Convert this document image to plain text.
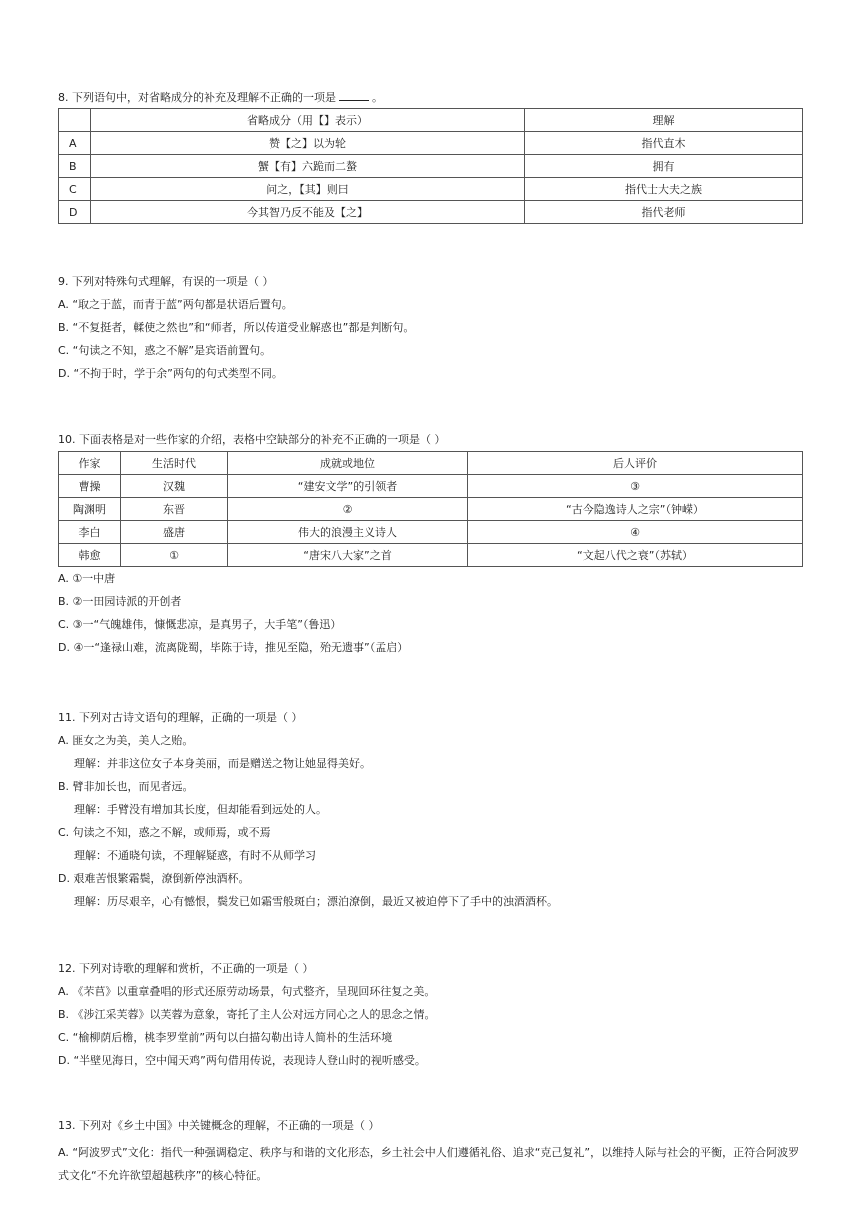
8. 下列语句中，对省略成分的补充及理解不正确的一项是	。

	省略成分（用【】表示）	理解
A	赞【之】以为轮	指代直木
B	蟹【有】六跪而二螯	拥有
C	问之，【其】则曰	指代士大夫之族
D	今其智乃反不能及【之】	指代老师

9. 下列对特殊句式理解，有误的一项是（ ）

A. “取之于蓝，而青于蓝”两句都是状语后置句。

B. “不复挺者，輮使之然也”和“师者，所以传道受业解惑也”都是判断句。

C. “句读之不知，惑之不解”是宾语前置句。

D. “不拘于时，学于余”两句的句式类型不同。

10. 下面表格是对一些作家的介绍，表格中空缺部分的补充不正确的一项是（ ）

作家	生活时代	成就或地位	后人评价
曹操	汉魏	“建安文学”的引领者	③
陶渊明	东晋	②	“古今隐逸诗人之宗”（钟嵘）
李白	盛唐	伟大的浪漫主义诗人	④
韩愈	①	“唐宋八大家”之首	“文起八代之衰”（苏轼）

A. ①一中唐

B. ②一田园诗派的开创者

C. ③一“气魄雄伟，慷慨悲凉，是真男子，大手笔”（鲁迅）

D. ④一“逢禄山难，流离陇蜀，毕陈于诗，推见至隐，殆无遗事”（孟启）

11. 下列对古诗文语句的理解，正确的一项是（ ）

A. 匪女之为美，美人之贻。

理解：并非这位女子本身美丽，而是赠送之物让她显得美好。

B. 臂非加长也，而见者远。

理解：手臂没有增加其长度，但却能看到远处的人。

C. 句读之不知，惑之不解，或师焉，或不焉

理解：不通晓句读，不理解疑惑，有时不从师学习

D. 艰难苦恨繁霜鬓，潦倒新停浊酒杯。

理解：历尽艰辛，心有憾恨，鬓发已如霜雪般斑白；漂泊潦倒，最近又被迫停下了手中的浊酒酒杯。

12. 下列对诗歌的理解和赏析，不正确的一项是（ ）

A. 《芣苢》以重章叠唱的形式还原劳动场景，句式整齐，呈现回环往复之美。

B. 《涉江采芙蓉》以芙蓉为意象，寄托了主人公对远方同心之人的思念之情。

C. “榆柳荫后檐，桃李罗堂前”两句以白描勾勒出诗人简朴的生活环境

D. “半壁见海日，空中闻天鸡”两句借用传说，表现诗人登山时的视听感受。

13. 下列对《乡土中国》中关键概念的理解，不正确的一项是（ ）

A. “阿波罗式”文化：指代一种强调稳定、秩序与和谐的文化形态，乡土社会中人们遵循礼俗、追求“克己复礼”，以维持人际与社会的平衡，正符合阿波罗式文化“不允许欲望超越秩序”的核心特征。
